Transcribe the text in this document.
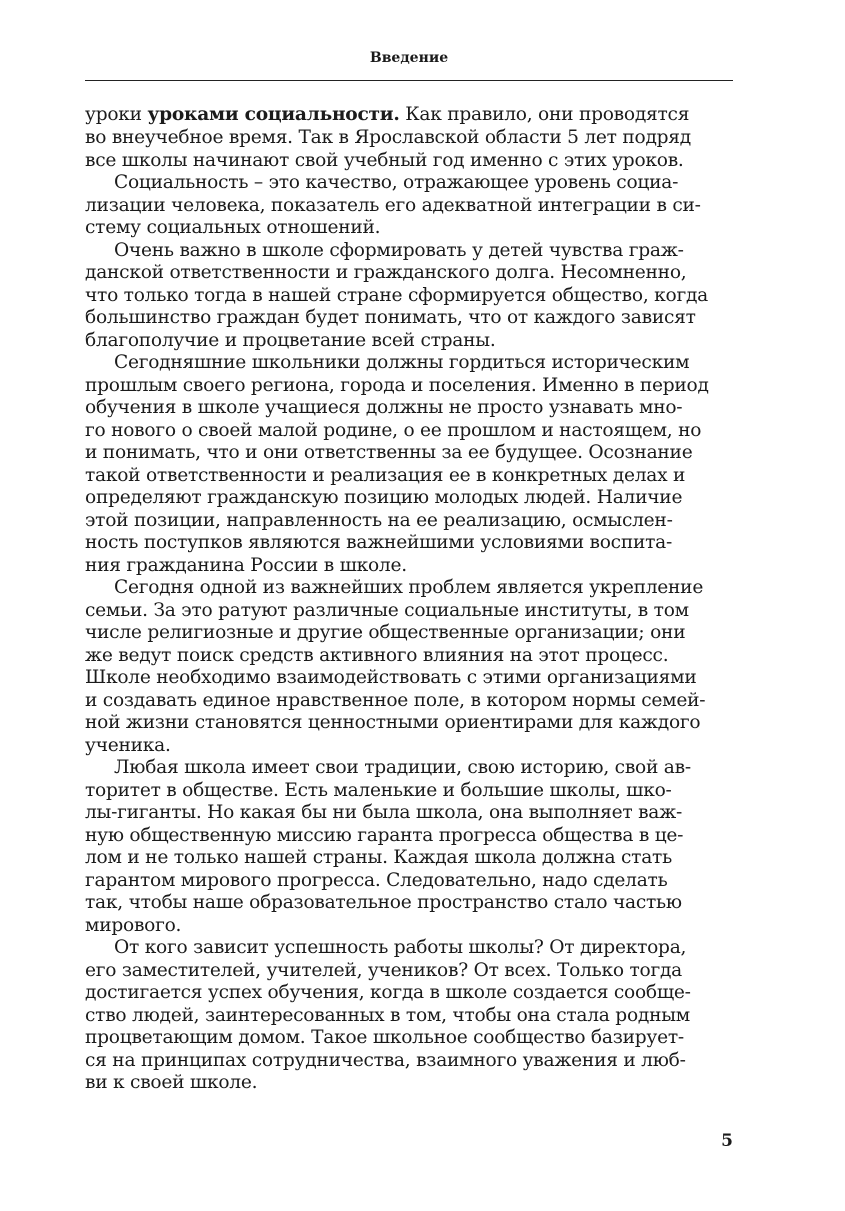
Введение
уроки уроками социальности. Как правило, они проводятся
во внеучебное время. Так в Ярославской области 5 лет подряд
все школы начинают свой учебный год именно с этих уроков.
Социальность – это качество, отражающее уровень социа-
лизации человека, показатель его адекватной интеграции в си-
стему социальных отношений.
Очень важно в школе сформировать у детей чувства граж-
данской ответственности и гражданского долга. Несомненно,
что только тогда в нашей стране сформируется общество, когда
большинство граждан будет понимать, что от каждого зависят
благополучие и процветание всей страны.
Сегодняшние школьники должны гордиться историческим
прошлым своего региона, города и поселения. Именно в период
обучения в школе учащиеся должны не просто узнавать мно-
го нового о своей малой родине, о ее прошлом и настоящем, но
и понимать, что и они ответственны за ее будущее. Осознание
такой ответственности и реализация ее в конкретных делах и
определяют гражданскую позицию молодых людей. Наличие
этой позиции, направленность на ее реализацию, осмыслен-
ность поступков являются важнейшими условиями воспита-
ния гражданина России в школе.
Сегодня одной из важнейших проблем является укрепление
семьи. За это ратуют различные социальные институты, в том
числе религиозные и другие общественные организации; они
же ведут поиск средств активного влияния на этот процесс.
Школе необходимо взаимодействовать с этими организациями
и создавать единое нравственное поле, в котором нормы семей-
ной жизни становятся ценностными ориентирами для каждого
ученика.
Любая школа имеет свои традиции, свою историю, свой ав-
торитет в обществе. Есть маленькие и большие школы, шко-
лы-гиганты. Но какая бы ни была школа, она выполняет важ-
ную общественную миссию гаранта прогресса общества в це-
лом и не только нашей страны. Каждая школа должна стать
гарантом мирового прогресса. Следовательно, надо сделать
так, чтобы наше образовательное пространство стало частью
мирового.
От кого зависит успешность работы школы? От директора,
его заместителей, учителей, учеников? От всех. Только тогда
достигается успех обучения, когда в школе создается сообще-
ство людей, заинтересованных в том, чтобы она стала родным
процветающим домом. Такое школьное сообщество базирует-
ся на принципах сотрудничества, взаимного уважения и люб-
ви к своей школе.
5
